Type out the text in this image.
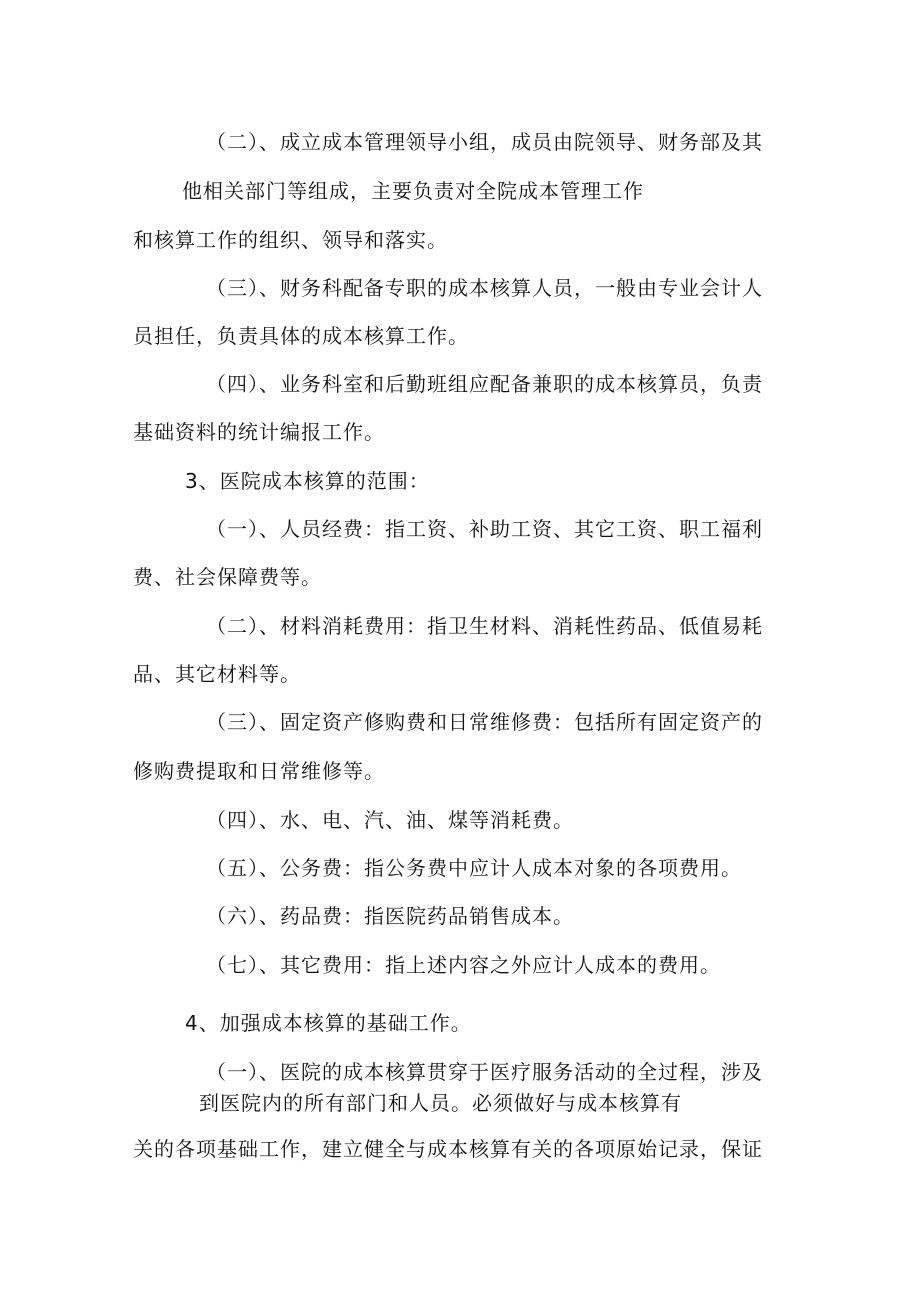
（二）、成立成本管理领导小组，成员由院领导、财务部及其
他相关部门等组成，主要负责对全院成本管理工作
和核算工作的组织、领导和落实。
（三）、财务科配备专职的成本核算人员，一般由专业会计人
员担任，负责具体的成本核算工作。
（四）、业务科室和后勤班组应配备兼职的成本核算员，负责
基础资料的统计编报工作。
3、医院成本核算的范围：
（一）、人员经费：指工资、补助工资、其它工资、职工福利
费、社会保障费等。
（二）、材料消耗费用：指卫生材料、消耗性药品、低值易耗
品、其它材料等。
（三）、固定资产修购费和日常维修费：包括所有固定资产的
修购费提取和日常维修等。
（四）、水、电、汽、油、煤等消耗费。
（五）、公务费：指公务费中应计人成本对象的各项费用。
（六）、药品费：指医院药品销售成本。
（七）、其它费用：指上述内容之外应计人成本的费用。
4、加强成本核算的基础工作。
（一）、医院的成本核算贯穿于医疗服务活动的全过程，涉及
到医院内的所有部门和人员。必须做好与成本核算有
关的各项基础工作，建立健全与成本核算有关的各项原始记录，保证
